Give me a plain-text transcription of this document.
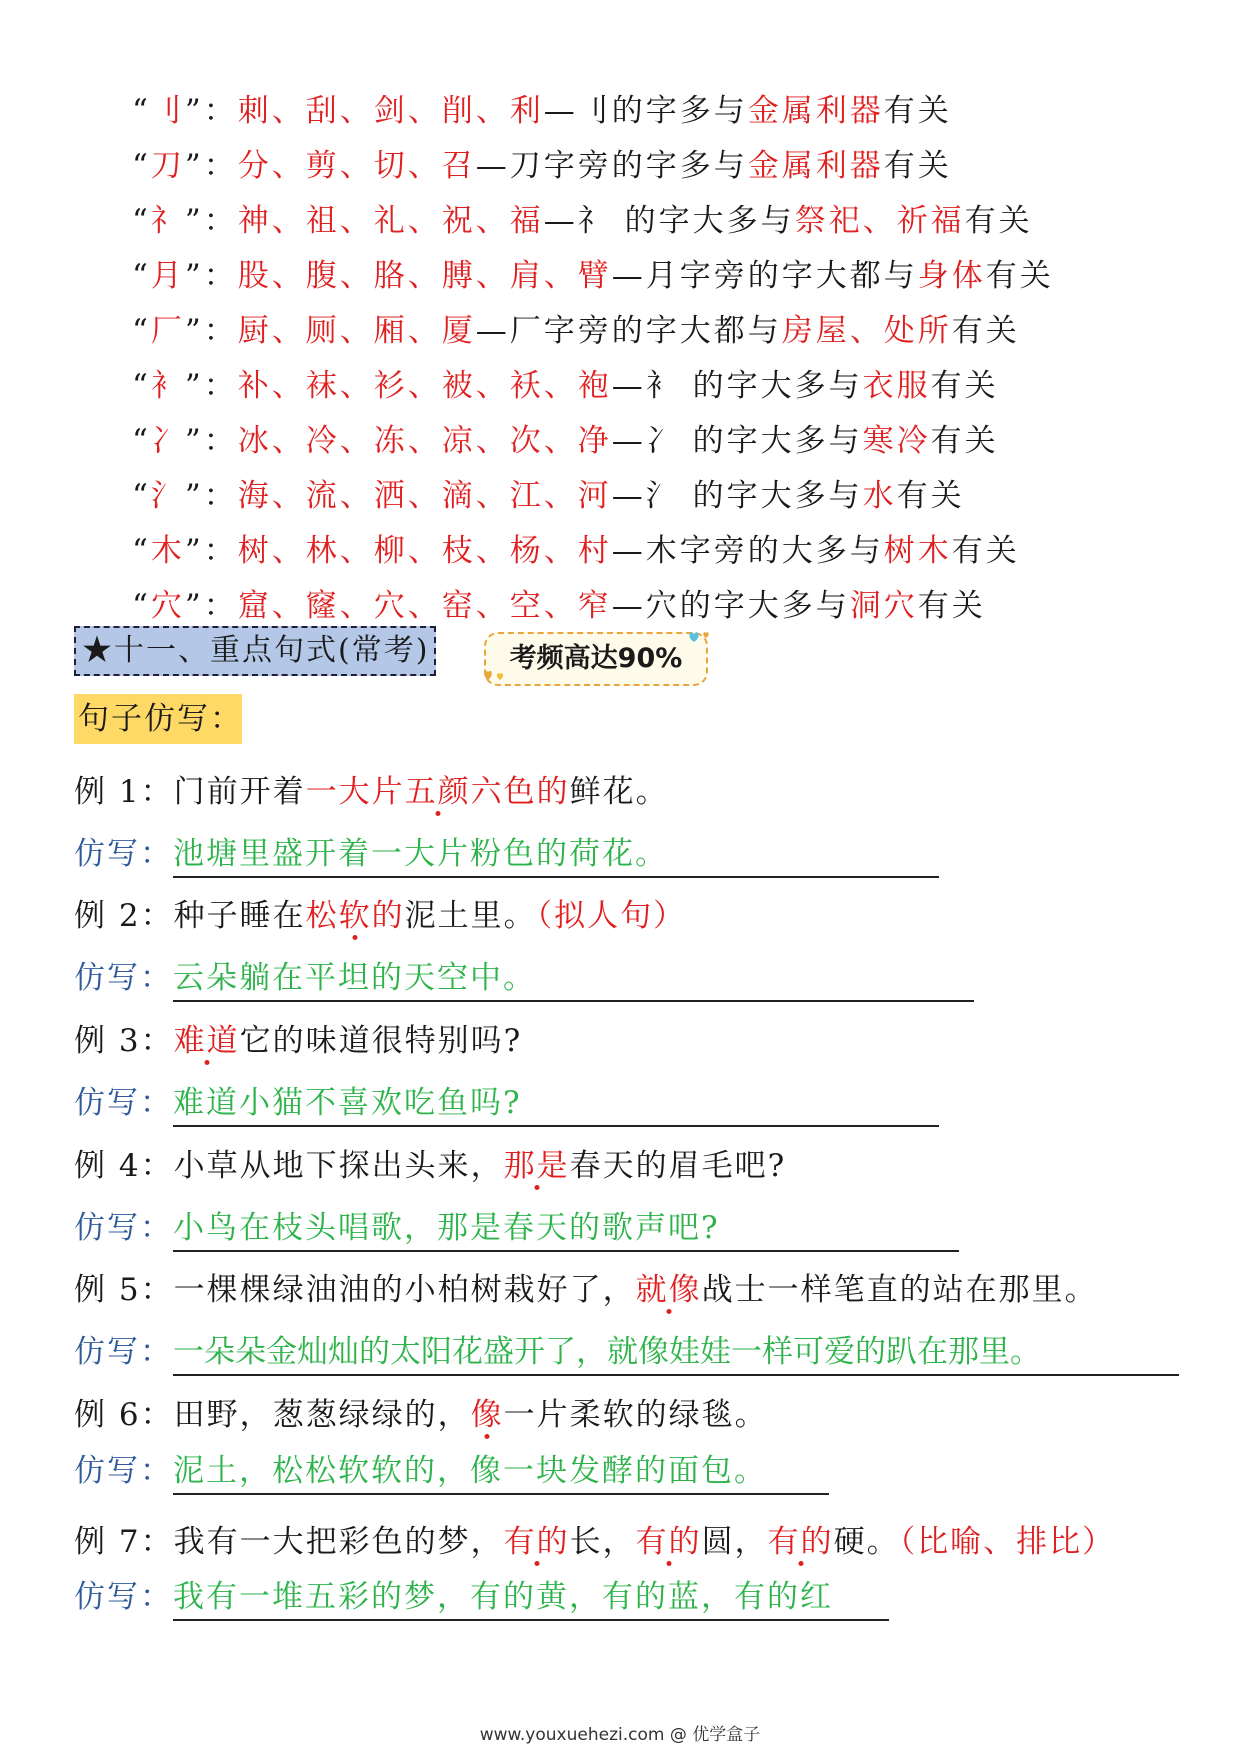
“刂”：刺、刮、剑、削、利—刂的字多与金属利器有关
“刀”：分、剪、切、召—刀字旁的字多与金属利器有关
“礻”：神、祖、礼、祝、福—礻 的字大多与祭祀、祈福有关
“月”：股、腹、胳、膊、肩、臂—月字旁的字大都与身体有关
“厂”：厨、厕、厢、厦—厂字旁的字大都与房屋、处所有关
“衤”：补、袜、衫、被、袄、袍—衤 的字大多与衣服有关
“冫”：冰、冷、冻、凉、次、净—冫 的字大多与寒冷有关
“氵”：海、流、洒、滴、江、河—氵 的字大多与水有关
“木”：树、林、柳、枝、杨、村—木字旁的大多与树木有关
“穴”：窟、窿、穴、窑、空、窄—穴的字大多与洞穴有关
★十一、重点句式(常考)	考频高达90%
句子仿写：
例 1：门前开着一大片五颜六色的鲜花。
仿写：池塘里盛开着一大片粉色的荷花。
例 2：种子睡在松软的泥土里。（拟人句）
仿写：云朵躺在平坦的天空中。
例 3：难道它的味道很特别吗?
仿写：难道小猫不喜欢吃鱼吗?
例 4：小草从地下探出头来，那是春天的眉毛吧?
仿写：小鸟在枝头唱歌，那是春天的歌声吧?
例 5：一棵棵绿油油的小柏树栽好了，就像战士一样笔直的站在那里。
仿写：一朵朵金灿灿的太阳花盛开了，就像娃娃一样可爱的趴在那里。
例 6：田野，葱葱绿绿的，像一片柔软的绿毯。
仿写：泥土，松松软软的，像一块发酵的面包。
例 7：我有一大把彩色的梦，有的长，有的圆，有的硬。（比喻、排比）
仿写：我有一堆五彩的梦，有的黄，有的蓝，有的红
www.youxuehezi.com @ 优学盒子
